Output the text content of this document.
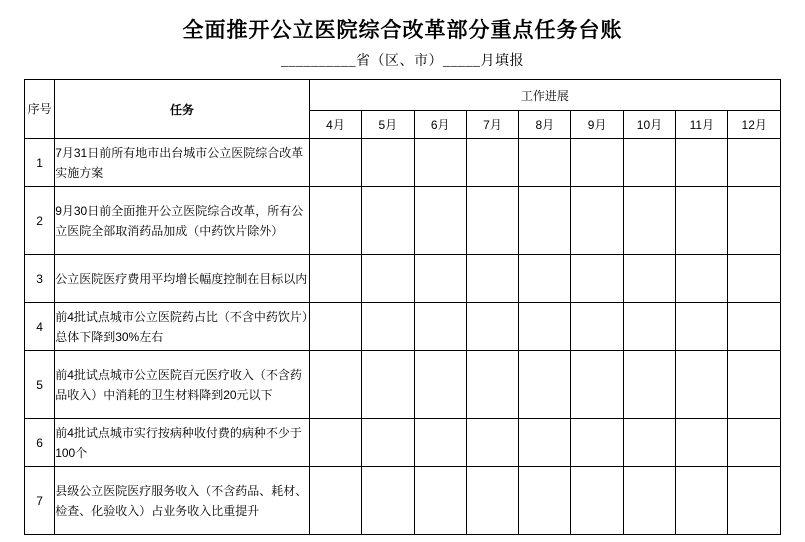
全面推开公立医院综合改革部分重点任务台账
__________省（区、市）_____月填报
序号	任务	工作进展								
		4月	5月	6月	7月	8月	9月	10月	11月	12月
1	7月31日前所有地市出台城市公立医院综合改革实施方案									
2	9月30日前全面推开公立医院综合改革，所有公立医院全部取消药品加成（中药饮片除外）									
3	公立医院医疗费用平均增长幅度控制在目标以内									
4	前4批试点城市公立医院药占比（不含中药饮片）总体下降到30%左右									
5	前4批试点城市公立医院百元医疗收入（不含药品收入）中消耗的卫生材料降到20元以下									
6	前4批试点城市实行按病种收付费的病种不少于100个									
7	县级公立医院医疗服务收入（不含药品、耗材、检查、化验收入）占业务收入比重提升									
